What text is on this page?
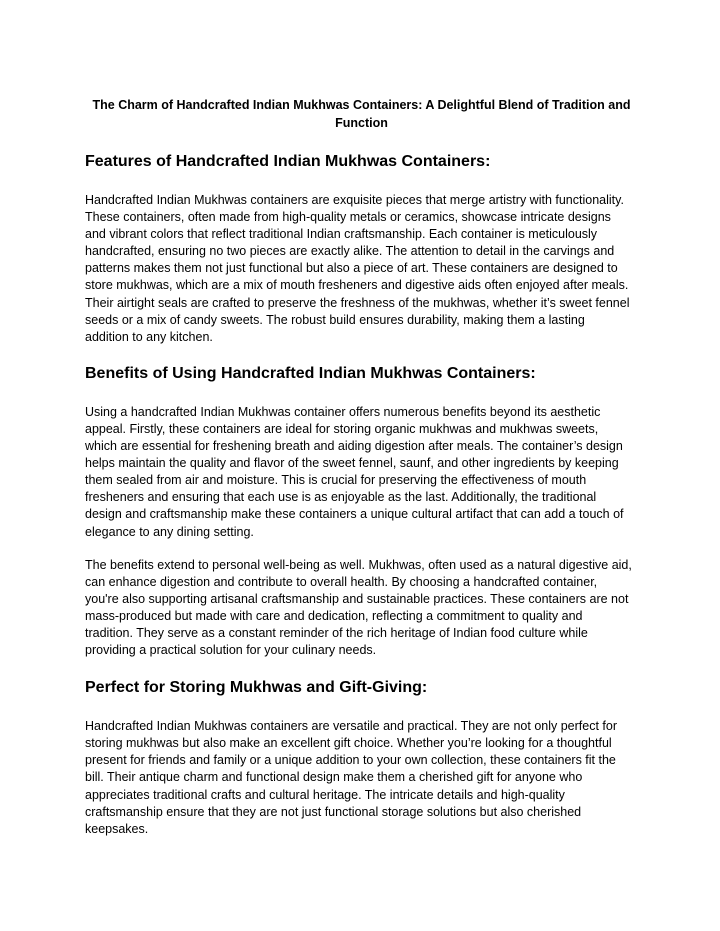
The Charm of Handcrafted Indian Mukhwas Containers: A Delightful Blend of Tradition and Function
Features of Handcrafted Indian Mukhwas Containers:

Handcrafted Indian Mukhwas containers are exquisite pieces that merge artistry with functionality. These containers, often made from high-quality metals or ceramics, showcase intricate designs and vibrant colors that reflect traditional Indian craftsmanship. Each container is meticulously handcrafted, ensuring no two pieces are exactly alike. The attention to detail in the carvings and patterns makes them not just functional but also a piece of art. These containers are designed to store mukhwas, which are a mix of mouth fresheners and digestive aids often enjoyed after meals. Their airtight seals are crafted to preserve the freshness of the mukhwas, whether it’s sweet fennel seeds or a mix of candy sweets. The robust build ensures durability, making them a lasting addition to any kitchen.

Benefits of Using Handcrafted Indian Mukhwas Containers:

Using a handcrafted Indian Mukhwas container offers numerous benefits beyond its aesthetic appeal. Firstly, these containers are ideal for storing organic mukhwas and mukhwas sweets, which are essential for freshening breath and aiding digestion after meals. The container’s design helps maintain the quality and flavor of the sweet fennel, saunf, and other ingredients by keeping them sealed from air and moisture. This is crucial for preserving the effectiveness of mouth fresheners and ensuring that each use is as enjoyable as the last. Additionally, the traditional design and craftsmanship make these containers a unique cultural artifact that can add a touch of elegance to any dining setting.

The benefits extend to personal well-being as well. Mukhwas, often used as a natural digestive aid, can enhance digestion and contribute to overall health. By choosing a handcrafted container, you're also supporting artisanal craftsmanship and sustainable practices. These containers are not mass-produced but made with care and dedication, reflecting a commitment to quality and tradition. They serve as a constant reminder of the rich heritage of Indian food culture while providing a practical solution for your culinary needs.

Perfect for Storing Mukhwas and Gift-Giving:

Handcrafted Indian Mukhwas containers are versatile and practical. They are not only perfect for storing mukhwas but also make an excellent gift choice. Whether you’re looking for a thoughtful present for friends and family or a unique addition to your own collection, these containers fit the bill. Their antique charm and functional design make them a cherished gift for anyone who appreciates traditional crafts and cultural heritage. The intricate details and high-quality craftsmanship ensure that they are not just functional storage solutions but also cherished keepsakes.
